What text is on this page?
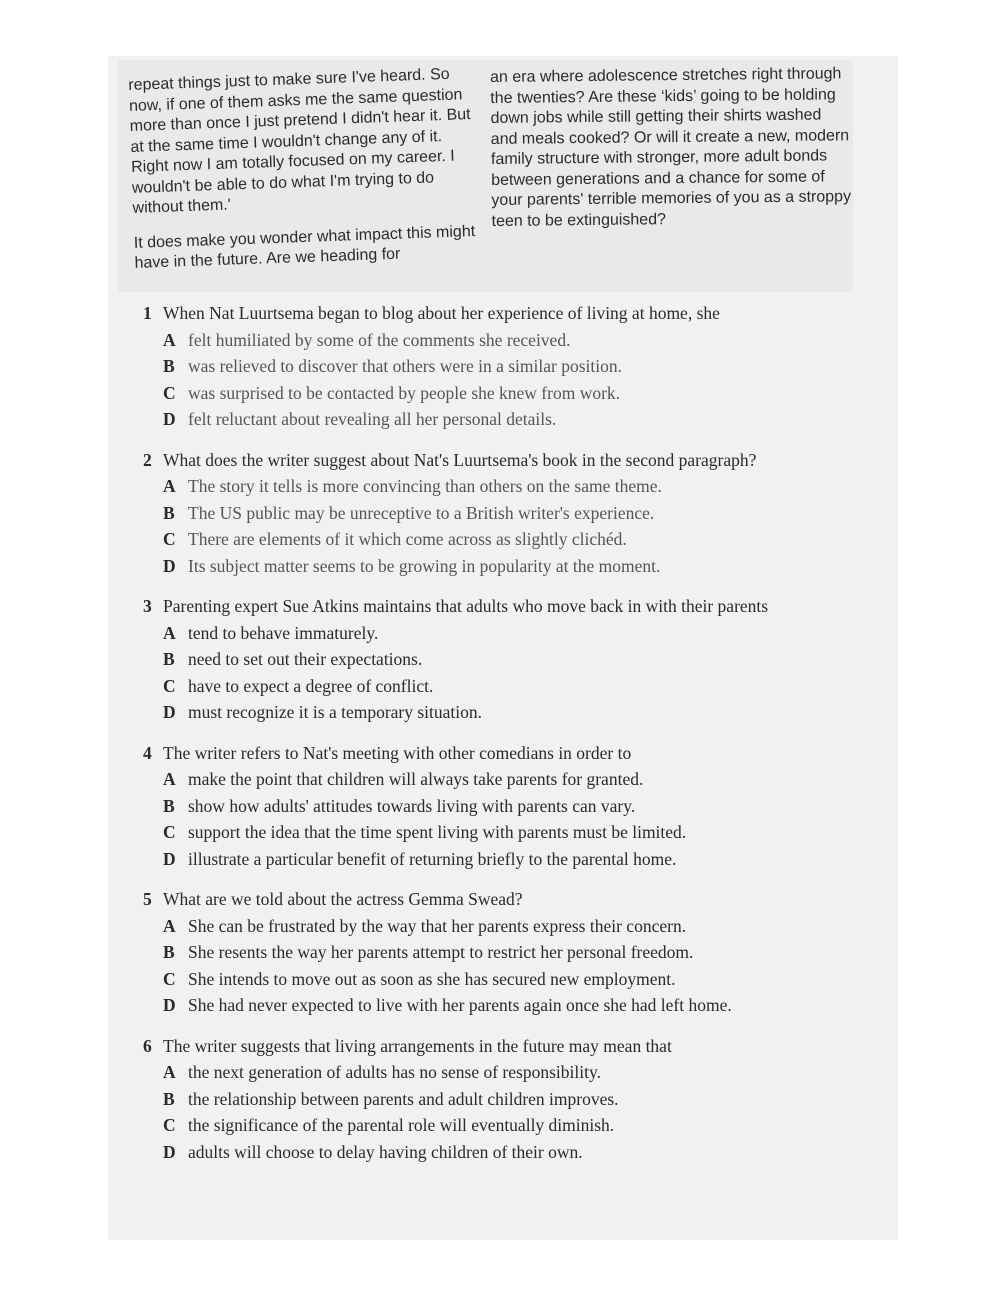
repeat things just to make sure I've heard. So now, if one of them asks me the same question more than once I just pretend I didn't hear it. But at the same time I wouldn't change any of it. Right now I am totally focused on my career. I wouldn't be able to do what I'm trying to do without them.'

It does make you wonder what impact this might have in the future. Are we heading for

an era where adolescence stretches right through the twenties? Are these ‘kids’ going to be holding down jobs while still getting their shirts washed and meals cooked? Or will it create a new, modern family structure with stronger, more adult bonds between generations and a chance for some of your parents' terrible memories of you as a stroppy teen to be extinguished?

1 When Nat Luurtsema began to blog about her experience of living at home, she
A felt humiliated by some of the comments she received.
B was relieved to discover that others were in a similar position.
C was surprised to be contacted by people she knew from work.
D felt reluctant about revealing all her personal details.
2 What does the writer suggest about Nat's Luurtsema's book in the second paragraph?
A The story it tells is more convincing than others on the same theme.
B The US public may be unreceptive to a British writer's experience.
C There are elements of it which come across as slightly clichéd.
D Its subject matter seems to be growing in popularity at the moment.
3 Parenting expert Sue Atkins maintains that adults who move back in with their parents
A tend to behave immaturely.
B need to set out their expectations.
C have to expect a degree of conflict.
D must recognize it is a temporary situation.
4 The writer refers to Nat's meeting with other comedians in order to
A make the point that children will always take parents for granted.
B show how adults' attitudes towards living with parents can vary.
C support the idea that the time spent living with parents must be limited.
D illustrate a particular benefit of returning briefly to the parental home.
5 What are we told about the actress Gemma Swead?
A She can be frustrated by the way that her parents express their concern.
B She resents the way her parents attempt to restrict her personal freedom.
C She intends to move out as soon as she has secured new employment.
D She had never expected to live with her parents again once she had left home.
6 The writer suggests that living arrangements in the future may mean that
A the next generation of adults has no sense of responsibility.
B the relationship between parents and adult children improves.
C the significance of the parental role will eventually diminish.
D adults will choose to delay having children of their own.
